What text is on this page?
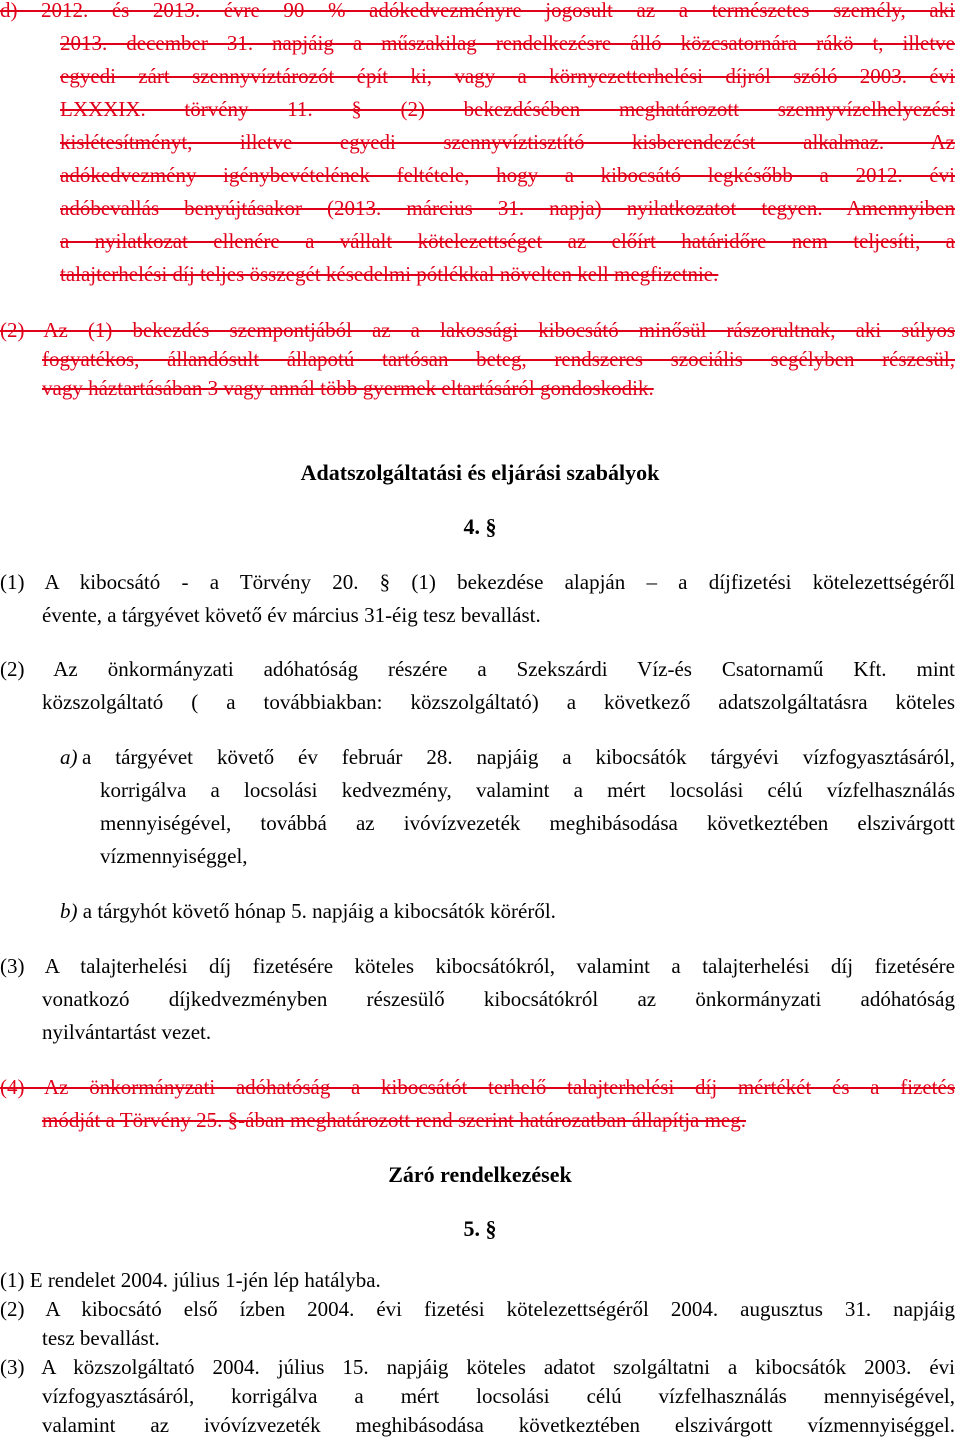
d) 2012. és 2013. évre 90 % adókedvezményre jogosult az a természetes személy, aki
2013. december 31. napjáig a műszakilag rendelkezésre álló közcsatornára rákö t, illetve
egyedi zárt szennyvíztározót épít ki, vagy a környezetterhelési díjról szóló 2003. évi
LXXXIX. törvény 11. § (2) bekezdésében meghatározott szennyvízelhelyezési
kislétesítményt, illetve egyedi szennyvíztisztító kisberendezést alkalmaz. Az
adókedvezmény igénybevételének feltétele, hogy a kibocsátó legkésőbb a 2012. évi
adóbevallás benyújtásakor (2013. március 31. napja) nyilatkozatot tegyen. Amennyiben
a nyilatkozat ellenére a vállalt kötelezettséget az előírt határidőre nem teljesíti, a
talajterhelési díj teljes összegét késedelmi pótlékkal növelten kell megfizetnie.
(2) Az (1) bekezdés szempontjából az a lakossági kibocsátó minősül rászorultnak, aki súlyos
fogyatékos, állandósult állapotú tartósan beteg, rendszeres szociális segélyben részesül,
vagy háztartásában 3 vagy annál több gyermek eltartásáról gondoskodik.
Adatszolgáltatási és eljárási szabályok
4. §
(1) A kibocsátó - a Törvény 20. § (1) bekezdése alapján – a díjfizetési kötelezettségéről
évente, a tárgyévet követő év március 31-éig tesz bevallást.
(2) Az önkormányzati adóhatóság részére a Szekszárdi Víz-és Csatornamű Kft. mint
közszolgáltató ( a továbbiakban: közszolgáltató) a következő adatszolgáltatásra köteles
a) a tárgyévet követő év február 28. napjáig a kibocsátók tárgyévi vízfogyasztásáról,
korrigálva a locsolási kedvezmény, valamint a mért locsolási célú vízfelhasználás
mennyiségével, továbbá az ivóvízvezeték meghibásodása következtében elszivárgott
vízmennyiséggel,
b) a tárgyhót követő hónap 5. napjáig a kibocsátók köréről.
(3) A talajterhelési díj fizetésére köteles kibocsátókról, valamint a talajterhelési díj fizetésére
vonatkozó díjkedvezményben részesülő kibocsátókról az önkormányzati adóhatóság
nyilvántartást vezet.
(4) Az önkormányzati adóhatóság a kibocsátót terhelő talajterhelési díj mértékét és a fizetés
módját a Törvény 25. §-ában meghatározott rend szerint határozatban állapítja meg.
Záró rendelkezések
5. §
(1) E rendelet 2004. július 1-jén lép hatályba.
(2) A kibocsátó első ízben 2004. évi fizetési kötelezettségéről 2004. augusztus 31. napjáig
tesz bevallást.
(3) A közszolgáltató 2004. július 15. napjáig köteles adatot szolgáltatni a kibocsátók 2003. évi
vízfogyasztásáról, korrigálva a mért locsolási célú vízfelhasználás mennyiségével,
valamint az ivóvízvezeték meghibásodása következtében elszivárgott vízmennyiséggel.
